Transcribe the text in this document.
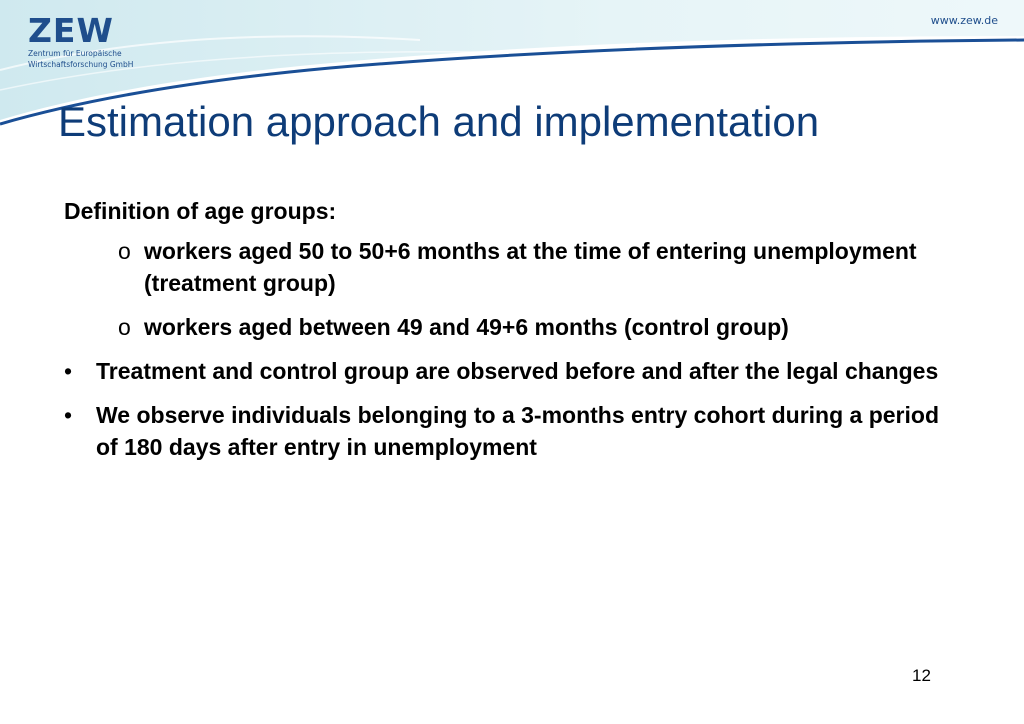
ZEW
Zentrum für Europäische
Wirtschaftsforschung GmbH
www.zew.de
Estimation approach and implementation
Definition of age groups:
o workers aged 50 to 50+6 months at the time of entering unemployment (treatment group)
o workers aged between 49 and 49+6 months (control group)
• Treatment and control group are observed before and after the legal changes
• We observe individuals belonging to a 3-months entry cohort during a period of 180 days after entry in unemployment
12
